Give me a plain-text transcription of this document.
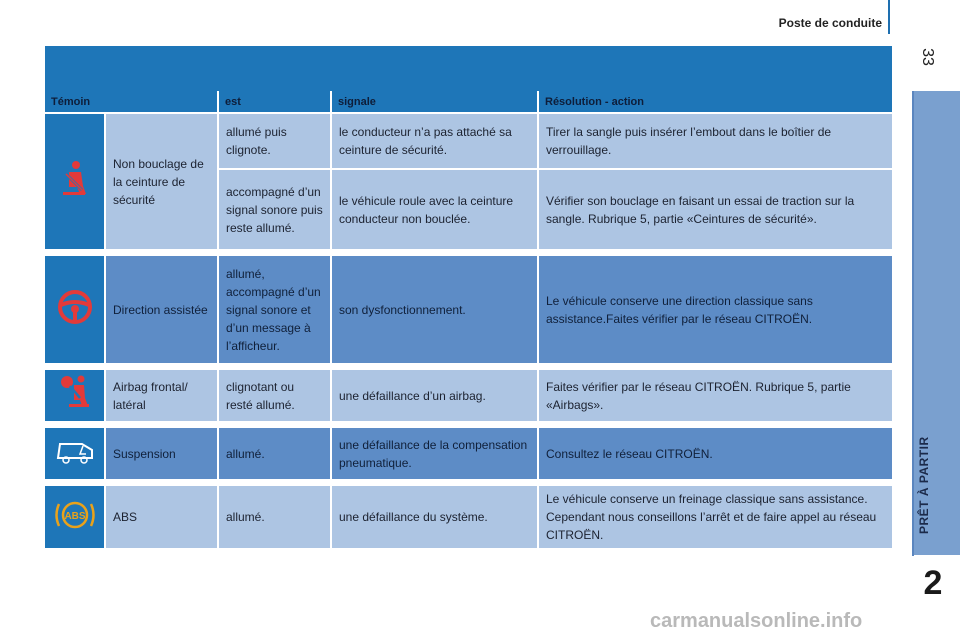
Poste de conduite
33
PRÊT À PARTIR
2
Témoin		est	signale	Résolution - action
	Non bouclage de la ceinture de sécurité	allumé puis clignote.	le conducteur n’a pas attaché sa ceinture de sécurité.	Tirer la sangle puis insérer l’embout dans le boîtier de verrouillage.
		accompagné d’un signal sonore puis reste allumé.	le véhicule roule avec la ceinture conducteur non bouclée.	Vérifier son bouclage en faisant un essai de traction sur la sangle. Rubrique 5, partie «Ceintures de sécurité».

	Direction assistée	allumé, accompagné d’un signal sonore et d’un message à l’afficheur.	son dysfonctionnement.	Le véhicule conserve une direction classique sans assistance.Faites vérifier par le réseau CITROËN.

	Airbag frontal/ latéral	clignotant ou resté allumé.	une défaillance d’un airbag.	Faites vérifier par le réseau CITROËN. Rubrique 5, partie «Airbags».

	Suspension	allumé.	une défaillance de la compensation pneumatique.	Consultez le réseau CITROËN.

ABS	ABS	allumé.	une défaillance du système.	Le véhicule conserve un freinage classique sans assistance. Cependant nous conseillons l’arrêt et de faire appel au réseau CITROËN.
carmanualsonline.info
